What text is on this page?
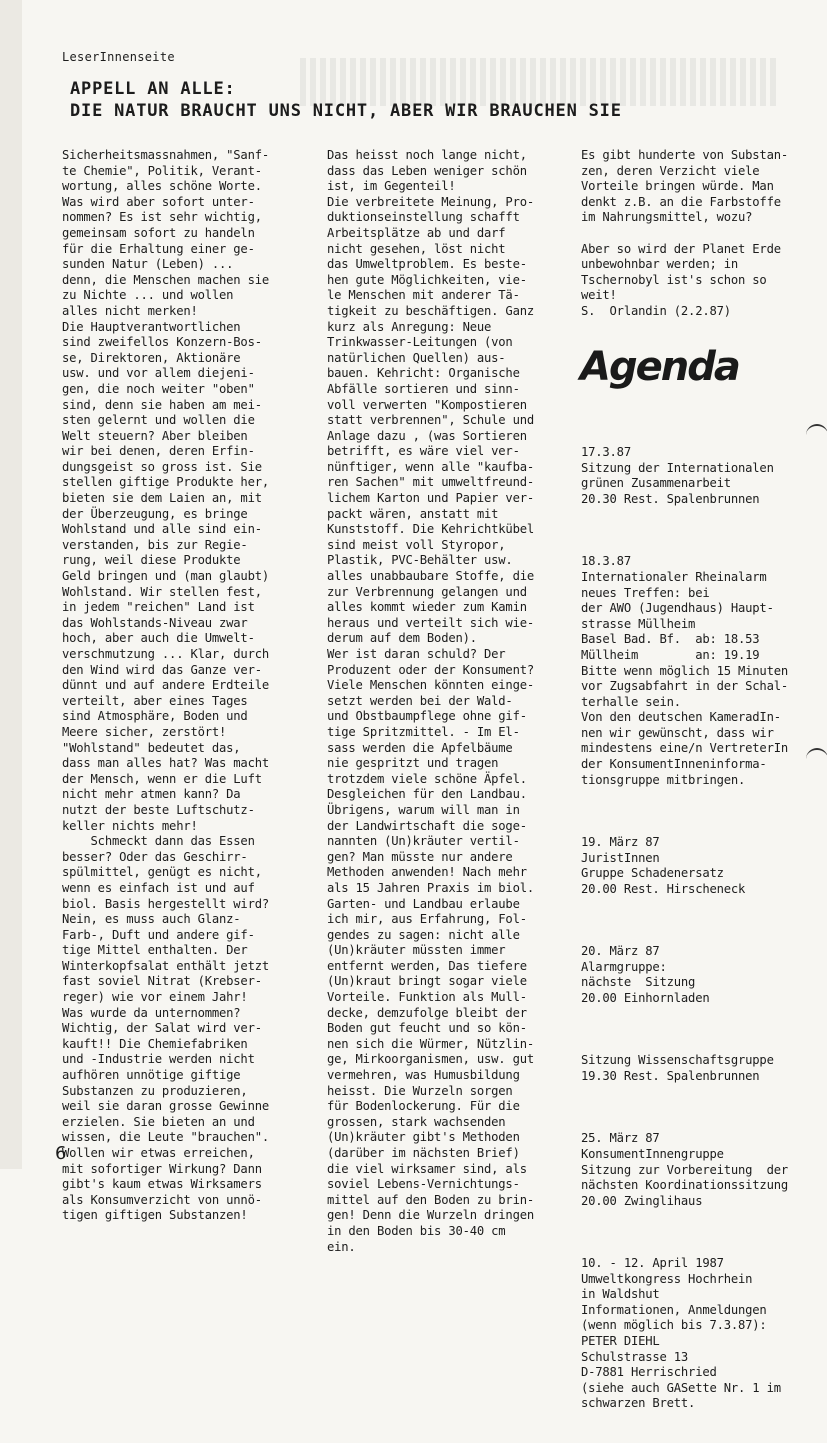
LeserInnenseite
APPELL AN ALLE:
DIE NATUR BRAUCHT UNS NICHT, ABER WIR BRAUCHEN SIE
Sicherheitsmassnahmen, "Sanf-
te Chemie", Politik, Verant-
wortung, alles schöne Worte.
Was wird aber sofort unter-
nommen? Es ist sehr wichtig,
gemeinsam sofort zu handeln
für die Erhaltung einer ge-
sunden Natur (Leben) ...
denn, die Menschen machen sie
zu Nichte ... und wollen
alles nicht merken!
Die Hauptverantwortlichen
sind zweifellos Konzern-Bos-
se, Direktoren, Aktionäre
usw. und vor allem diejeni-
gen, die noch weiter "oben"
sind, denn sie haben am mei-
sten gelernt und wollen die
Welt steuern? Aber bleiben
wir bei denen, deren Erfin-
dungsgeist so gross ist. Sie
stellen giftige Produkte her,
bieten sie dem Laien an, mit
der Überzeugung, es bringe
Wohlstand und alle sind ein-
verstanden, bis zur Regie-
rung, weil diese Produkte
Geld bringen und (man glaubt)
Wohlstand. Wir stellen fest,
in jedem "reichen" Land ist
das Wohlstands-Niveau zwar
hoch, aber auch die Umwelt-
verschmutzung ... Klar, durch
den Wind wird das Ganze ver-
dünnt und auf andere Erdteile
verteilt, aber eines Tages
sind Atmosphäre, Boden und
Meere sicher, zerstört!
"Wohlstand" bedeutet das,
dass man alles hat? Was macht
der Mensch, wenn er die Luft
nicht mehr atmen kann? Da
nutzt der beste Luftschutz-
keller nichts mehr!
Schmeckt dann das Essen
besser? Oder das Geschirr-
spülmittel, genügt es nicht,
wenn es einfach ist und auf
biol. Basis hergestellt wird?
Nein, es muss auch Glanz-
Farb-, Duft und andere gif-
tige Mittel enthalten. Der
Winterkopfsalat enthält jetzt
fast soviel Nitrat (Krebser-
reger) wie vor einem Jahr!
Was wurde da unternommen?
Wichtig, der Salat wird ver-
kauft!! Die Chemiefabriken
und -Industrie werden nicht
aufhören unnötige giftige
Substanzen zu produzieren,
weil sie daran grosse Gewinne
erzielen. Sie bieten an und
wissen, die Leute "brauchen".
Wollen wir etwas erreichen,
mit sofortiger Wirkung? Dann
gibt's kaum etwas Wirksamers
als Konsumverzicht von unnö-
tigen giftigen Substanzen!
Das heisst noch lange nicht,
dass das Leben weniger schön
ist, im Gegenteil!
Die verbreitete Meinung, Pro-
duktionseinstellung schafft
Arbeitsplätze ab und darf
nicht gesehen, löst nicht
das Umweltproblem. Es beste-
hen gute Möglichkeiten, vie-
le Menschen mit anderer Tä-
tigkeit zu beschäftigen. Ganz
kurz als Anregung: Neue
Trinkwasser-Leitungen (von
natürlichen Quellen) aus-
bauen. Kehricht: Organische
Abfälle sortieren und sinn-
voll verwerten "Kompostieren
statt verbrennen", Schule und
Anlage dazu , (was Sortieren
betrifft, es wäre viel ver-
nünftiger, wenn alle "kaufba-
ren Sachen" mit umweltfreund-
lichem Karton und Papier ver-
packt wären, anstatt mit
Kunststoff. Die Kehrichtkübel
sind meist voll Styropor,
Plastik, PVC-Behälter usw.
alles unabbaubare Stoffe, die
zur Verbrennung gelangen und
alles kommt wieder zum Kamin
heraus und verteilt sich wie-
derum auf dem Boden).
Wer ist daran schuld? Der
Produzent oder der Konsument?
Viele Menschen könnten einge-
setzt werden bei der Wald-
und Obstbaumpflege ohne gif-
tige Spritzmittel. - Im El-
sass werden die Apfelbäume
nie gespritzt und tragen
trotzdem viele schöne Äpfel.
Desgleichen für den Landbau.
Übrigens, warum will man in
der Landwirtschaft die soge-
nannten (Un)kräuter vertil-
gen? Man müsste nur andere
Methoden anwenden! Nach mehr
als 15 Jahren Praxis im biol.
Garten- und Landbau erlaube
ich mir, aus Erfahrung, Fol-
gendes zu sagen: nicht alle
(Un)kräuter müssten immer
entfernt werden, Das tiefere
(Un)kraut bringt sogar viele
Vorteile. Funktion als Mull-
decke, demzufolge bleibt der
Boden gut feucht und so kön-
nen sich die Würmer, Nützlin-
ge, Mirkoorganismen, usw. gut
vermehren, was Humusbildung
heisst. Die Wurzeln sorgen
für Bodenlockerung. Für die
grossen, stark wachsenden
(Un)kräuter gibt's Methoden
(darüber im nächsten Brief)
die viel wirksamer sind, als
soviel Lebens-Vernichtungs-
mittel auf den Boden zu brin-
gen! Denn die Wurzeln dringen
in den Boden bis 30-40 cm
ein.
Es gibt hunderte von Substan-
zen, deren Verzicht viele
Vorteile bringen würde. Man
denkt z.B. an die Farbstoffe
im Nahrungsmittel, wozu?

Aber so wird der Planet Erde
unbewohnbar werden; in
Tschernobyl ist's schon so
weit!
S.  Orlandin (2.2.87)
Agenda

17.3.87
Sitzung der Internationalen
grünen Zusammenarbeit
20.30 Rest. Spalenbrunnen

18.3.87
Internationaler Rheinalarm
neues Treffen: bei
der AWO (Jugendhaus) Haupt-
strasse Müllheim
Basel Bad. Bf.  ab: 18.53
Müllheim        an: 19.19
Bitte wenn möglich 15 Minuten
vor Zugsabfahrt in der Schal-
terhalle sein.
Von den deutschen KameradIn-
nen wir gewünscht, dass wir
mindestens eine/n VertreterIn
der KonsumentInneninforma-
tionsgruppe mitbringen.

19. März 87
JuristInnen
Gruppe Schadenersatz
20.00 Rest. Hirscheneck

20. März 87
Alarmgruppe:
nächste  Sitzung
20.00 Einhornladen

Sitzung Wissenschaftsgruppe
19.30 Rest. Spalenbrunnen

25. März 87
KonsumentInnengruppe
Sitzung zur Vorbereitung  der
nächsten Koordinationssitzung
20.00 Zwinglihaus

10. - 12. April 1987
Umweltkongress Hochrhein
in Waldshut
Informationen, Anmeldungen
(wenn möglich bis 7.3.87):
PETER DIEHL
Schulstrasse 13
D-7881 Herrischried
(siehe auch GASette Nr. 1 im
schwarzen Brett.

6
